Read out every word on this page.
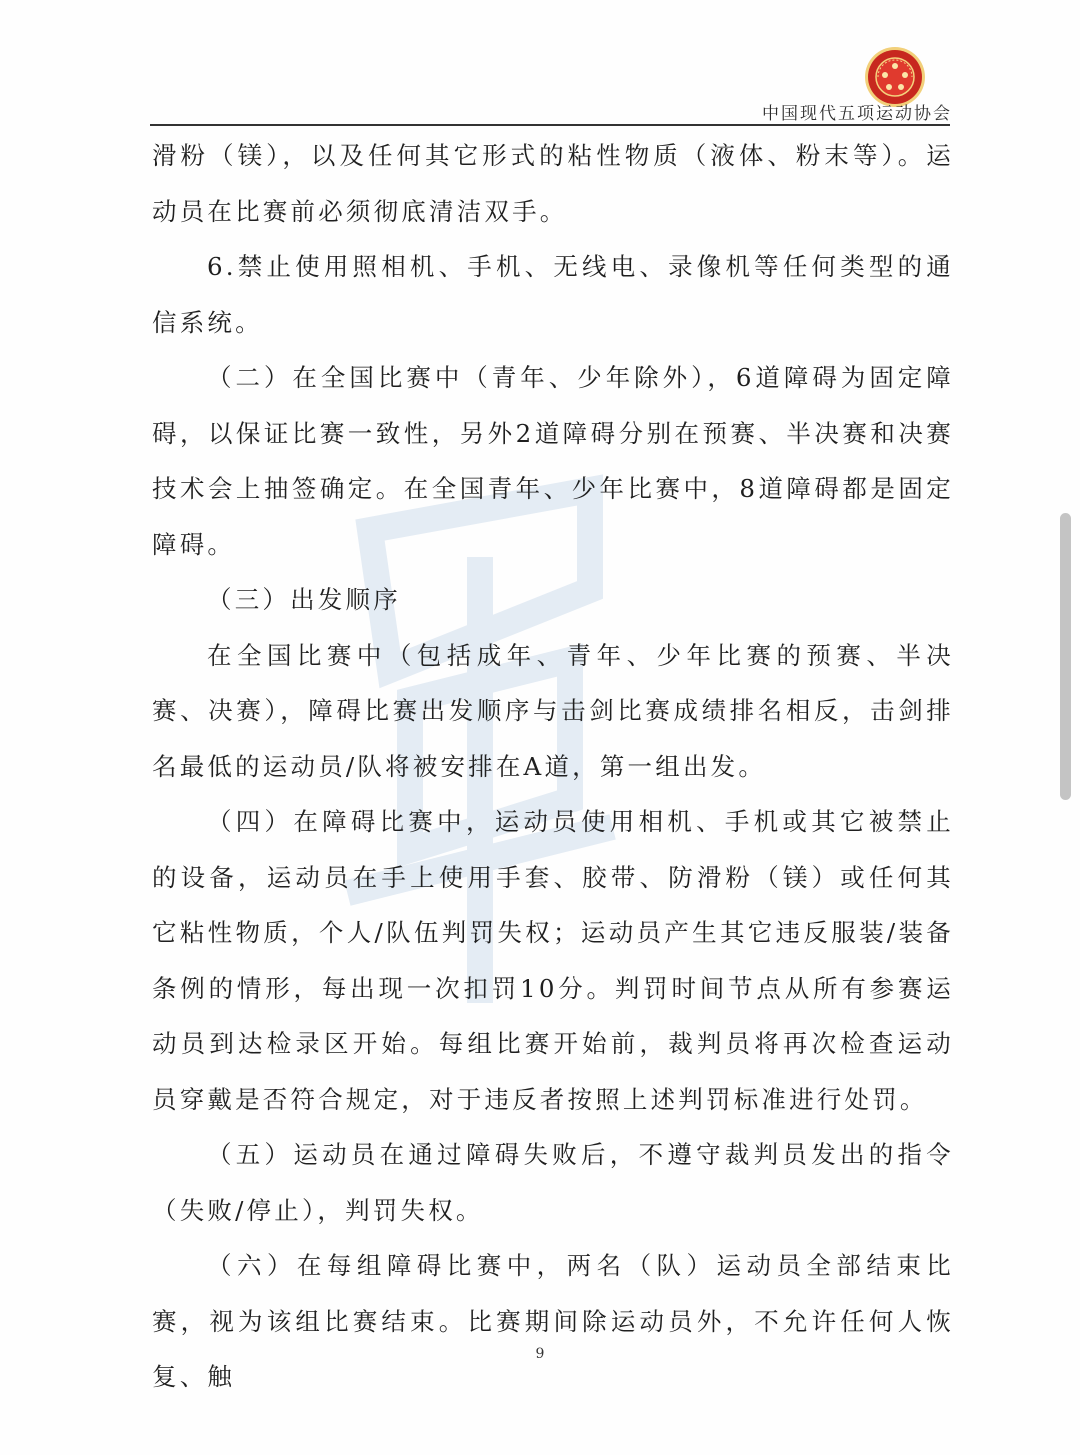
中国现代五项运动协会

滑粉（镁），以及任何其它形式的粘性物质（液体、粉末等）。运动员在比赛前必须彻底清洁双手。

6.禁止使用照相机、手机、无线电、录像机等任何类型的通信系统。

（二）在全国比赛中（青年、少年除外），6道障碍为固定障碍，以保证比赛一致性，另外2道障碍分别在预赛、半决赛和决赛技术会上抽签确定。在全国青年、少年比赛中，8道障碍都是固定障碍。

（三）出发顺序

在全国比赛中（包括成年、青年、少年比赛的预赛、半决赛、决赛），障碍比赛出发顺序与击剑比赛成绩排名相反，击剑排名最低的运动员/队将被安排在A道，第一组出发。

（四）在障碍比赛中，运动员使用相机、手机或其它被禁止的设备，运动员在手上使用手套、胶带、防滑粉（镁）或任何其它粘性物质，个人/队伍判罚失权；运动员产生其它违反服装/装备条例的情形，每出现一次扣罚10分。判罚时间节点从所有参赛运动员到达检录区开始。每组比赛开始前，裁判员将再次检查运动员穿戴是否符合规定，对于违反者按照上述判罚标准进行处罚。

（五）运动员在通过障碍失败后，不遵守裁判员发出的指令（失败/停止），判罚失权。

（六）在每组障碍比赛中，两名（队）运动员全部结束比赛，视为该组比赛结束。比赛期间除运动员外，不允许任何人恢复、触

9
